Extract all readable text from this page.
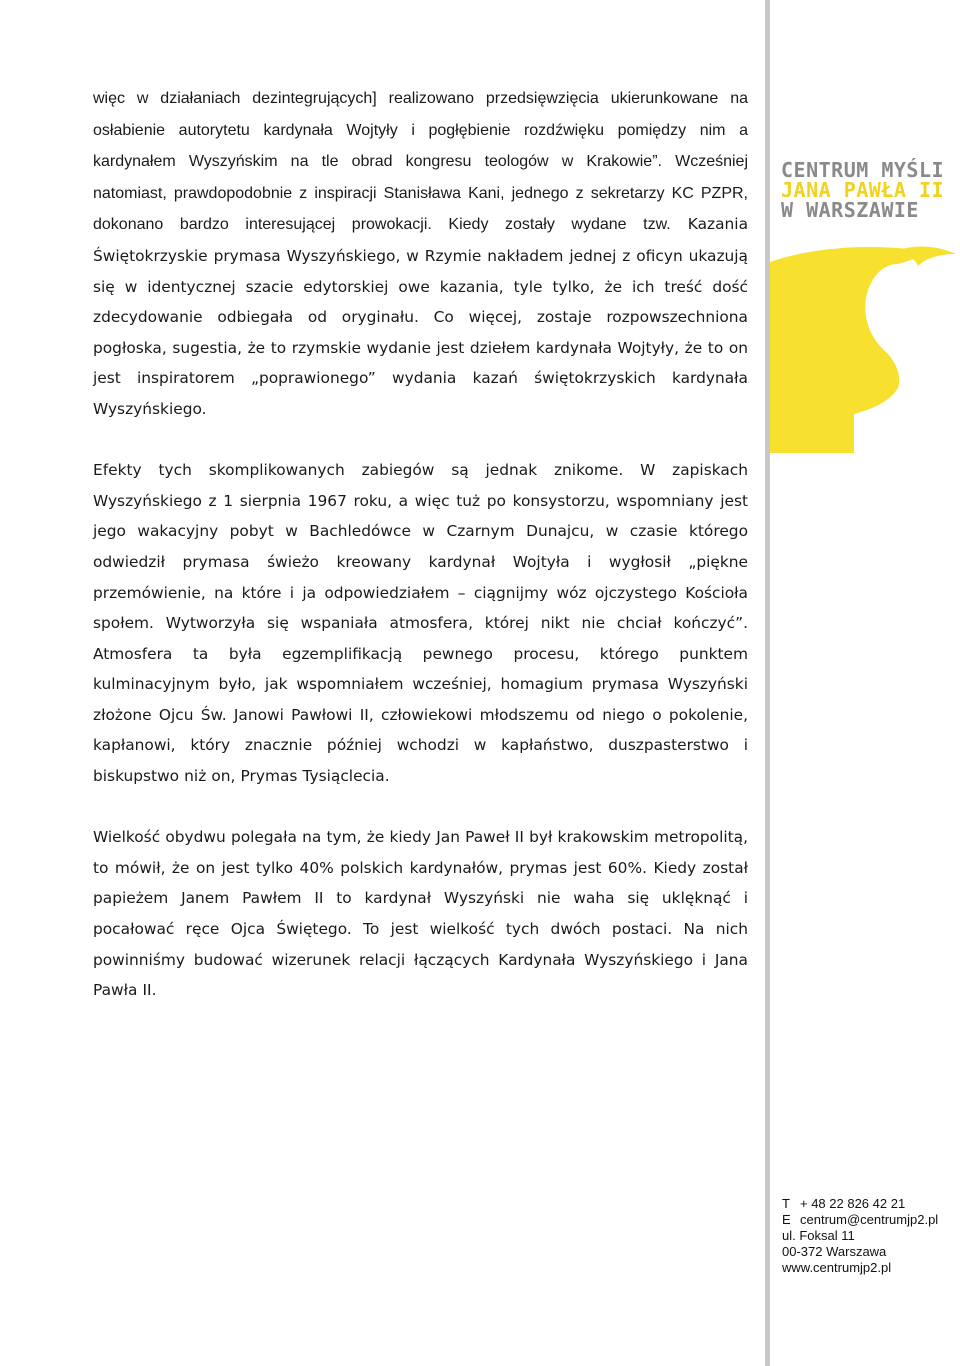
więc w działaniach dezintegrujących] realizowano przedsięwzięcia ukierunkowane na osłabienie autorytetu kardynała Wojtyły i pogłębienie rozdźwięku pomiędzy nim a kardynałem Wyszyńskim na tle obrad kongresu teologów w Krakowie”. Wcześniej natomiast, prawdopodobnie z inspiracji Stanisława Kani, jednego z sekretarzy KC PZPR, dokonano bardzo interesującej prowokacji. Kiedy zostały wydane tzw. Kazania Świętokrzyskie prymasa Wyszyńskiego, w Rzymie nakładem jednej z oficyn ukazują się w identycznej szacie edytorskiej owe kazania, tyle tylko, że ich treść dość zdecydowanie odbiegała od oryginału. Co więcej, zostaje rozpowszechniona pogłoska, sugestia, że to rzymskie wydanie jest dziełem kardynała Wojtyły, że to on jest inspiratorem „poprawionego” wydania kazań świętokrzyskich kardynała Wyszyńskiego.

Efekty tych skomplikowanych zabiegów są jednak znikome. W zapiskach Wyszyńskiego z 1 sierpnia 1967 roku, a więc tuż po konsystorzu, wspomniany jest jego wakacyjny pobyt w Bachledówce w Czarnym Dunajcu, w czasie którego odwiedził prymasa świeżo kreowany kardynał Wojtyła i wygłosił „piękne przemówienie, na które i ja odpowiedziałem – ciągnijmy wóz ojczystego Kościoła społem. Wytworzyła się wspaniała atmosfera, której nikt nie chciał kończyć”. Atmosfera ta była egzemplifikacją pewnego procesu, którego punktem kulminacyjnym było, jak wspomniałem wcześniej, homagium prymasa Wyszyński złożone Ojcu Św. Janowi Pawłowi II, człowiekowi młodszemu od niego o pokolenie, kapłanowi, który znacznie później wchodzi w kapłaństwo, duszpasterstwo i biskupstwo niż on, Prymas Tysiąclecia.

Wielkość obydwu polegała na tym, że kiedy Jan Paweł II był krakowskim metropolitą, to mówił, że on jest tylko 40% polskich kardynałów, prymas jest 60%. Kiedy został papieżem Janem Pawłem II to kardynał Wyszyński nie waha się uklęknąć i pocałować ręce Ojca Świętego. To jest wielkość tych dwóch postaci. Na nich powinniśmy budować wizerunek relacji łączących Kardynała Wyszyńskiego i Jana Pawła II.

CENTRUM MYŚLI
JANA PAWŁA II
W WARSZAWIE
T + 48 22 826 42 21
E centrum@centrumjp2.pl
ul. Foksal 11
00-372 Warszawa
www.centrumjp2.pl
